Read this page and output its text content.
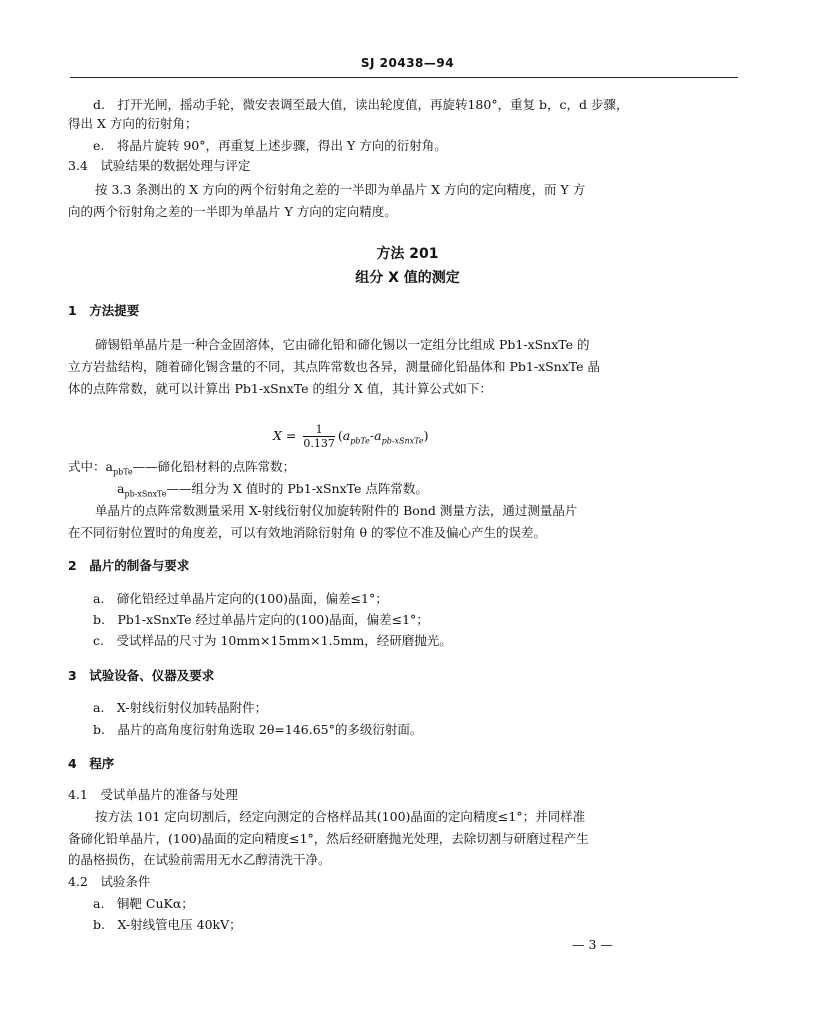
SJ 20438—94
d.　打开光闸，摇动手轮，微安表调至最大值，读出轮度值，再旋转180°，重复 b，c，d 步骤，
得出 X 方向的衍射角；
e.　将晶片旋转 90°，再重复上述步骤，得出 Y 方向的衍射角。
3.4　试验结果的数据处理与评定
按 3.3 条测出的 X 方向的两个衍射角之差的一半即为单晶片 X 方向的定向精度，而 Y 方
向的两个衍射角之差的一半即为单晶片 Y 方向的定向精度。
方法 201
组分 X 值的测定
1　方法提要
碲锡铅单晶片是一种合金固溶体，它由碲化铅和碲化锡以一定组分比组成 Pb1-xSnxTe 的
立方岩盐结构，随着碲化锡含量的不同，其点阵常数也各异，测量碲化铅晶体和 Pb1-xSnxTe 晶
体的点阵常数，就可以计算出 Pb1-xSnxTe 的组分 X 值，其计算公式如下：
$X = \frac{1}{0.137} (a_{pbTe}-a_{pb-xSnxTe})$
式中：$a_{pbTe}——$碲化铅材料的点阵常数；
$a_{pb-xSnxTe}——$组分为 X 值时的 Pb1-xSnxTe 点阵常数。
单晶片的点阵常数测量采用 X-射线衍射仪加旋转附件的 Bond 测量方法，通过测量晶片
在不同衍射位置时的角度差，可以有效地消除衍射角 θ 的零位不准及偏心产生的误差。
2　晶片的制备与要求
a.　碲化铅经过单晶片定向的(100)晶面，偏差≤1°；
b.　Pb1-xSnxTe 经过单晶片定向的(100)晶面，偏差≤1°；
c.　受试样品的尺寸为 10mm×15mm×1.5mm，经研磨抛光。
3　试验设备、仪器及要求
a.　X-射线衍射仪加转晶附件；
b.　晶片的高角度衍射角选取 2θ=146.65°的多级衍射面。
4　程序
4.1　受试单晶片的准备与处理
按方法 101 定向切割后，经定向测定的合格样品其(100)晶面的定向精度≤1°；并同样准
备碲化铅单晶片，(100)晶面的定向精度≤1°，然后经研磨抛光处理，去除切割与研磨过程产生
的晶格损伤，在试验前需用无水乙醇清洗干净。
4.2　试验条件
a.　铜靶 CuKα；
b.　X-射线管电压 40kV；
— 3 —
